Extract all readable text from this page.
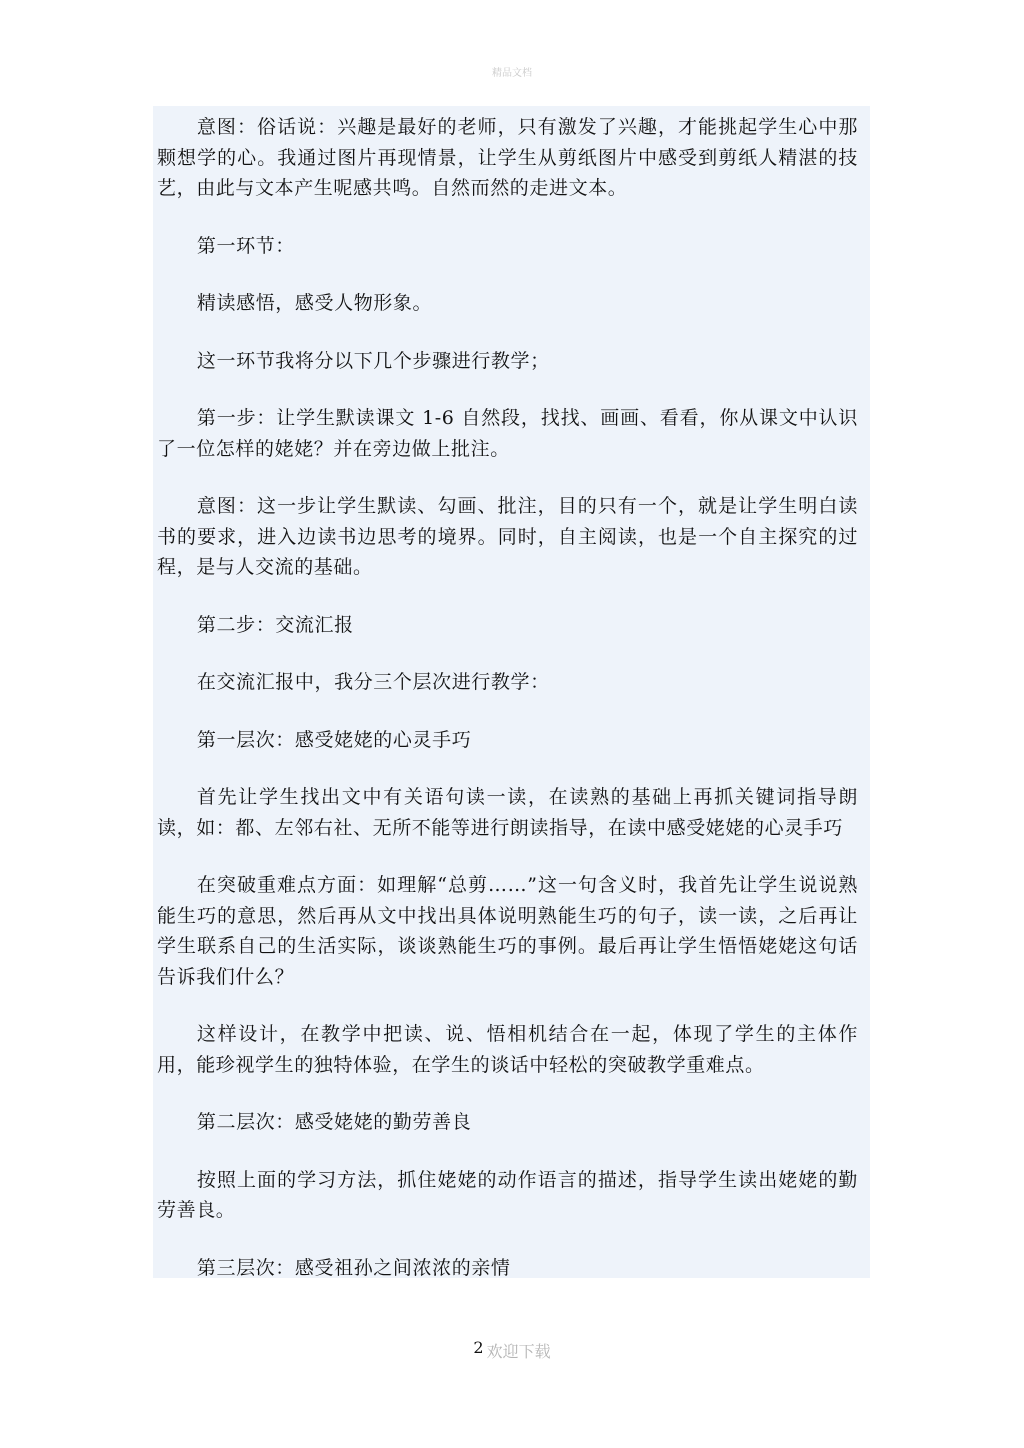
精品文档

意图：俗话说：兴趣是最好的老师，只有激发了兴趣，才能挑起学生心中那颗想学的心。我通过图片再现情景，让学生从剪纸图片中感受到剪纸人精湛的技艺，由此与文本产生呢感共鸣。自然而然的走进文本。

第一环节：

精读感悟，感受人物形象。

这一环节我将分以下几个步骤进行教学；

第一步：让学生默读课文 1-6 自然段，找找、画画、看看，你从课文中认识了一位怎样的姥姥？并在旁边做上批注。

意图：这一步让学生默读、勾画、批注，目的只有一个，就是让学生明白读书的要求，进入边读书边思考的境界。同时，自主阅读，也是一个自主探究的过程，是与人交流的基础。

第二步：交流汇报

在交流汇报中，我分三个层次进行教学：

第一层次：感受姥姥的心灵手巧

首先让学生找出文中有关语句读一读，在读熟的基础上再抓关键词指导朗读，如：都、左邻右社、无所不能等进行朗读指导，在读中感受姥姥的心灵手巧

在突破重难点方面：如理解“总剪……”这一句含义时，我首先让学生说说熟能生巧的意思，然后再从文中找出具体说明熟能生巧的句子，读一读，之后再让学生联系自己的生活实际，谈谈熟能生巧的事例。最后再让学生悟悟姥姥这句话告诉我们什么？

这样设计，在教学中把读、说、悟相机结合在一起，体现了学生的主体作用，能珍视学生的独特体验，在学生的谈话中轻松的突破教学重难点。

第二层次：感受姥姥的勤劳善良

按照上面的学习方法，抓住姥姥的动作语言的描述，指导学生读出姥姥的勤劳善良。

第三层次：感受祖孙之间浓浓的亲情

2 欢迎下载
